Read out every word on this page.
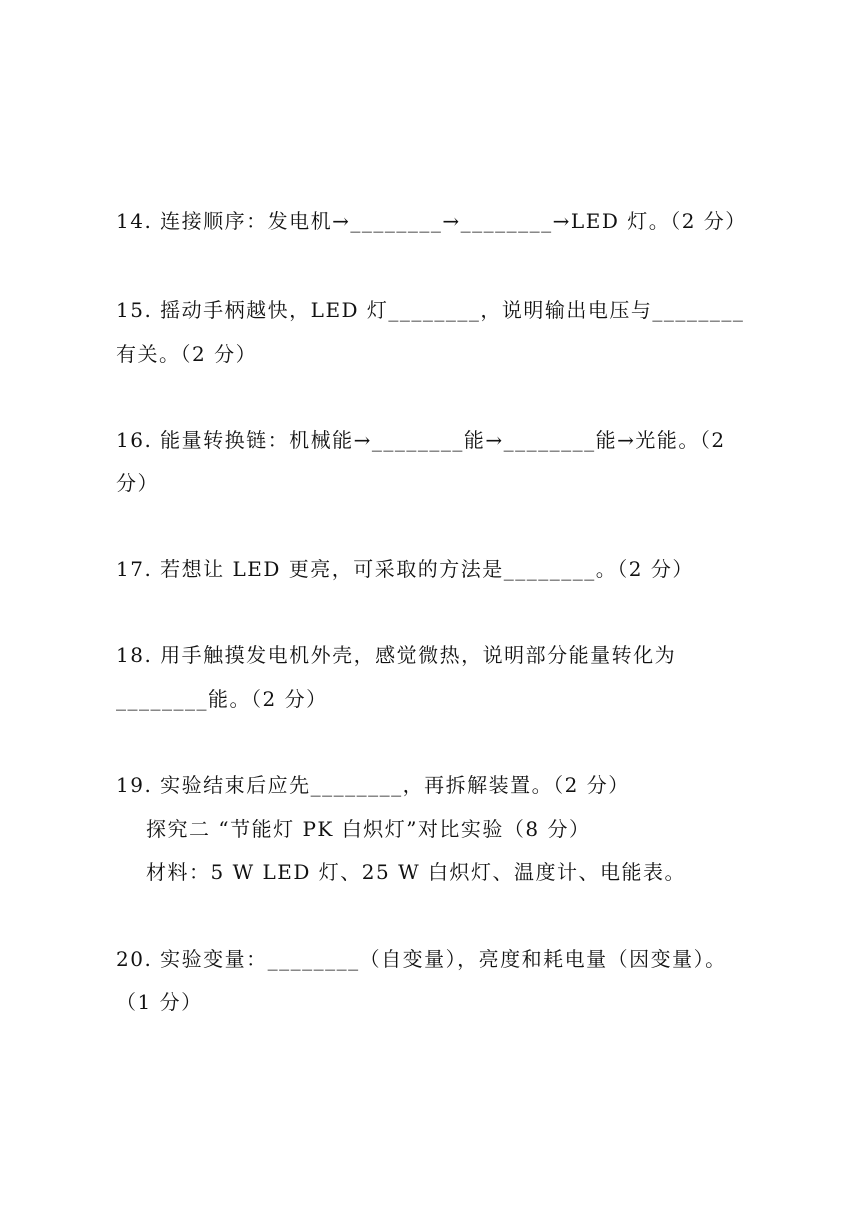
14. 连接顺序：发电机→________→________→LED 灯。（2 分）
15. 摇动手柄越快，LED 灯________，说明输出电压与________
有关。（2 分）
16. 能量转换链：机械能→________能→________能→光能。（2
分）
17. 若想让 LED 更亮，可采取的方法是________。（2 分）
18. 用手触摸发电机外壳，感觉微热，说明部分能量转化为
________能。（2 分）
19. 实验结束后应先________，再拆解装置。（2 分）
探究二 “节能灯 PK 白炽灯”对比实验（8 分）
材料：5 W LED 灯、25 W 白炽灯、温度计、电能表。
20. 实验变量：________（自变量），亮度和耗电量（因变量）。
（1 分）
